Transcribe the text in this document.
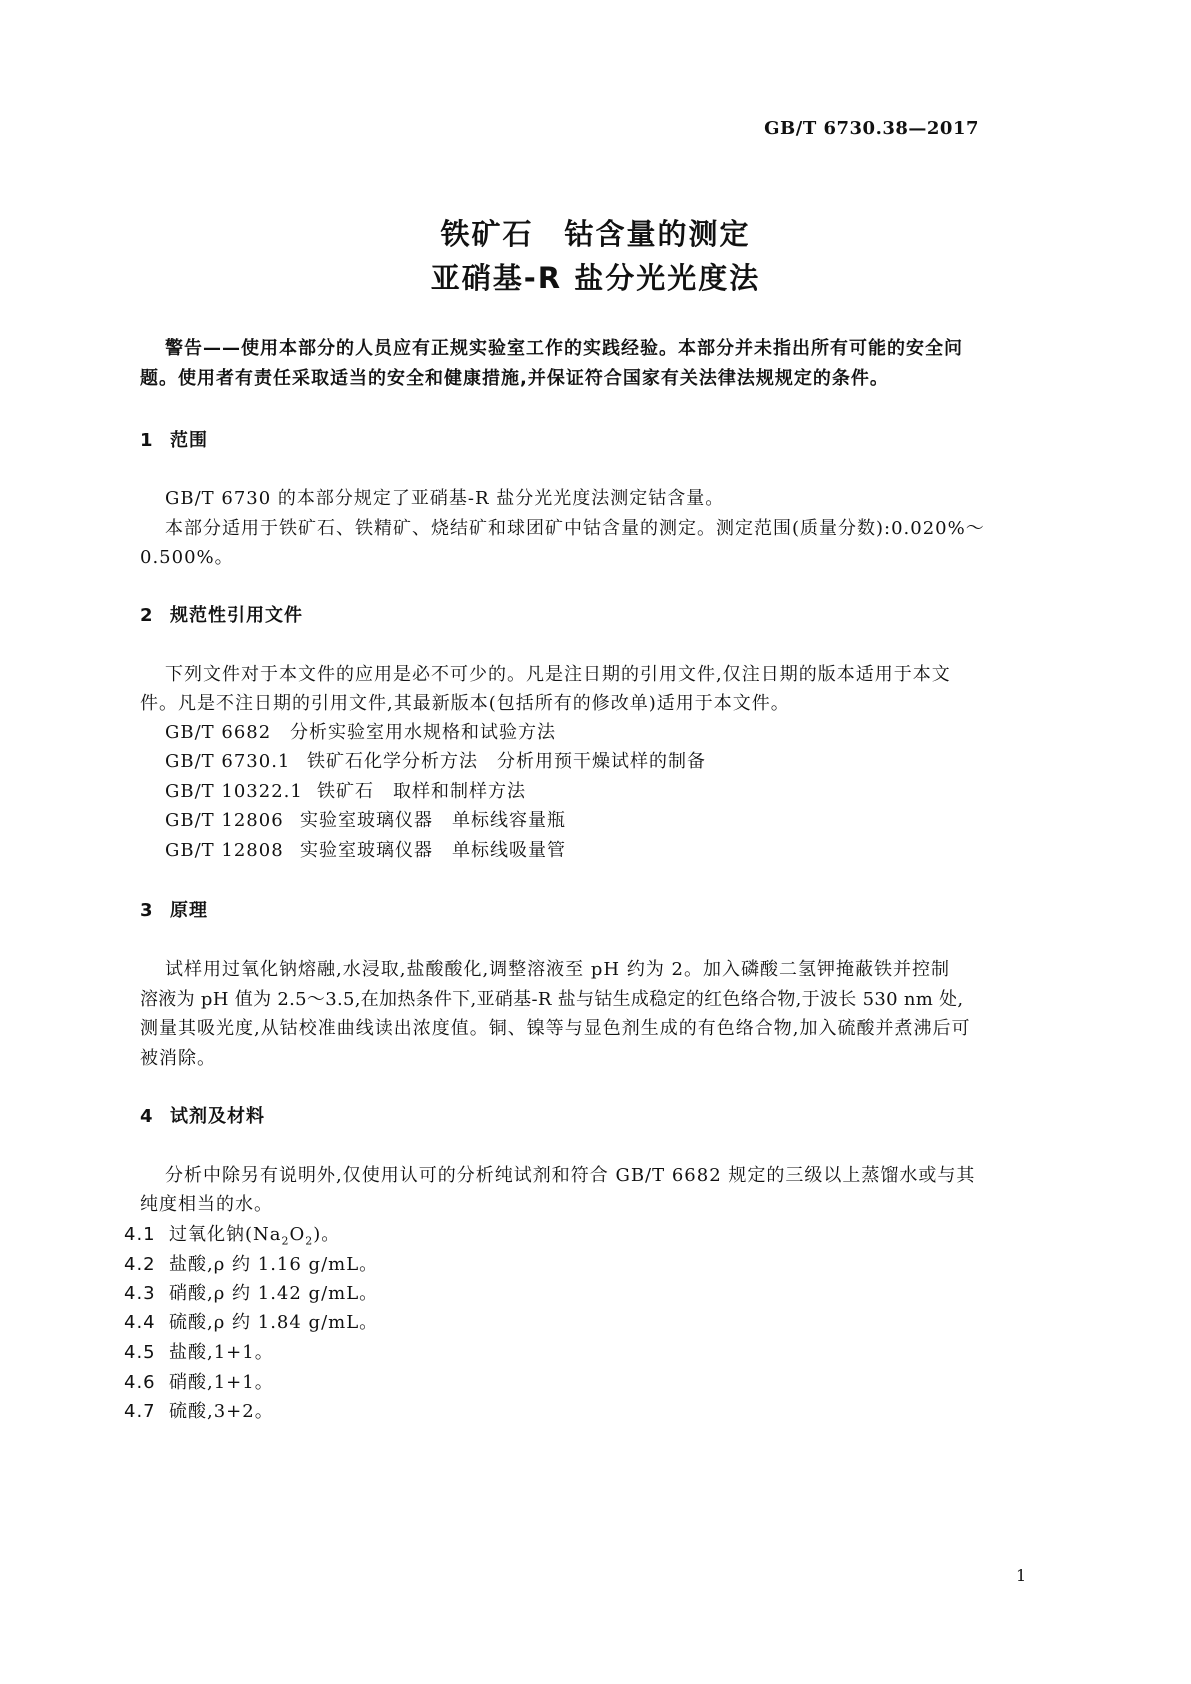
GB/T 6730.38—2017
铁矿石　钴含量的测定
亚硝基-R 盐分光光度法
警告——使用本部分的人员应有正规实验室工作的实践经验。本部分并未指出所有可能的安全问
题。使用者有责任采取适当的安全和健康措施,并保证符合国家有关法律法规规定的条件。
1 范围
GB/T 6730 的本部分规定了亚硝基-R 盐分光光度法测定钴含量。
本部分适用于铁矿石、铁精矿、烧结矿和球团矿中钴含量的测定。测定范围(质量分数):0.020%～
0.500%。
2 规范性引用文件
下列文件对于本文件的应用是必不可少的。凡是注日期的引用文件,仅注日期的版本适用于本文
件。凡是不注日期的引用文件,其最新版本(包括所有的修改单)适用于本文件。
GB/T 6682 分析实验室用水规格和试验方法
GB/T 6730.1 铁矿石化学分析方法　分析用预干燥试样的制备
GB/T 10322.1 铁矿石　取样和制样方法
GB/T 12806 实验室玻璃仪器　单标线容量瓶
GB/T 12808 实验室玻璃仪器　单标线吸量管
3 原理
试样用过氧化钠熔融,水浸取,盐酸酸化,调整溶液至 pH 约为 2。加入磷酸二氢钾掩蔽铁并控制
溶液为 pH 值为 2.5～3.5,在加热条件下,亚硝基-R 盐与钴生成稳定的红色络合物,于波长 530 nm 处,
测量其吸光度,从钴校准曲线读出浓度值。铜、镍等与显色剂生成的有色络合物,加入硫酸并煮沸后可
被消除。
4 试剂及材料
分析中除另有说明外,仅使用认可的分析纯试剂和符合 GB/T 6682 规定的三级以上蒸馏水或与其
纯度相当的水。
4.1 过氧化钠$(Na_2O_2)$。
4.2 盐酸,ρ 约 1.16 g/mL。
4.3 硝酸,ρ 约 1.42 g/mL。
4.4 硫酸,ρ 约 1.84 g/mL。
4.5 盐酸,1+1。
4.6 硝酸,1+1。
4.7 硫酸,3+2。
1
